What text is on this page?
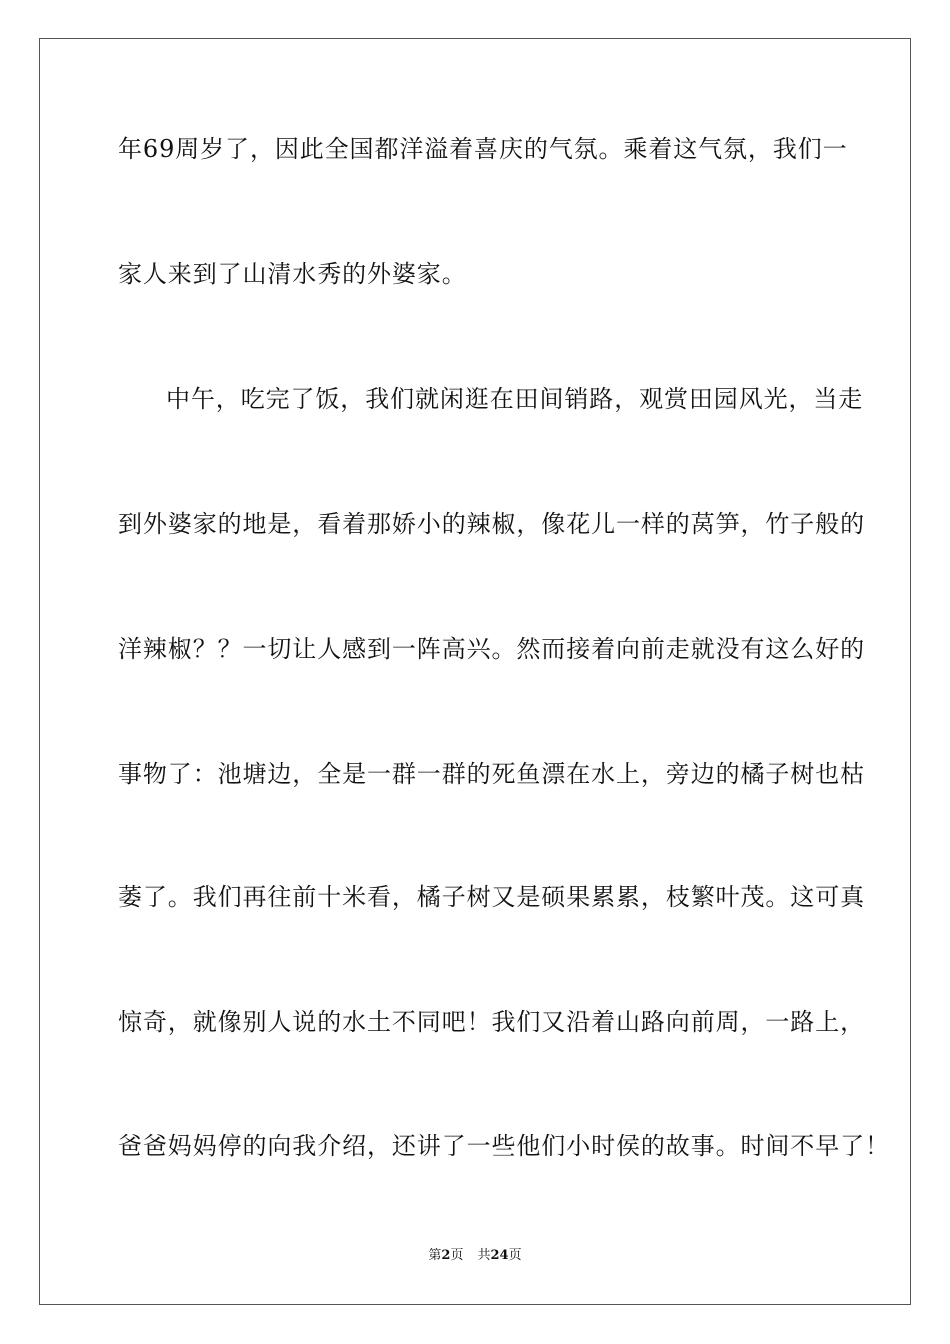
年69周岁了，因此全国都洋溢着喜庆的气氛。乘着这气氛，我们一
家人来到了山清水秀的外婆家。
中午，吃完了饭，我们就闲逛在田间销路，观赏田园风光，当走
到外婆家的地是，看着那娇小的辣椒，像花儿一样的莴笋，竹子般的
洋辣椒？？一切让人感到一阵高兴。然而接着向前走就没有这么好的
事物了：池塘边，全是一群一群的死鱼漂在水上，旁边的橘子树也枯
萎了。我们再往前十米看，橘子树又是硕果累累，枝繁叶茂。这可真
惊奇，就像别人说的水土不同吧！我们又沿着山路向前周，一路上，
爸爸妈妈停的向我介绍，还讲了一些他们小时侯的故事。时间不早了！
第2页 共24页
